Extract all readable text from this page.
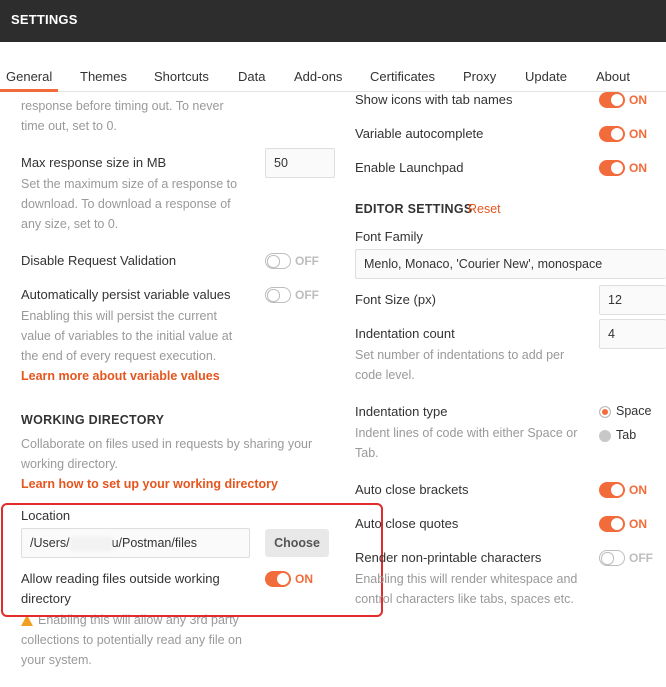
SETTINGS
General Themes Shortcuts Data Add-ons Certificates Proxy Update About
response before timing out. To never
time out, set to 0.
Max response size in MB	50
Set the maximum size of a response to
download. To download a response of
any size, set to 0.
Disable Request Validation	OFF
Automatically persist variable values	OFF
Enabling this will persist the current
value of variables to the initial value at
the end of every request execution.
Learn more about variable values
WORKING DIRECTORY
Collaborate on files used in requests by sharing your
working directory.
Learn how to set up your working directory
Location
/Users/	u/Postman/files	Choose
Allow reading files outside working
directory
ON
Enabling this will allow any 3rd party
collections to potentially read any file on
your system.
Show icons with tab names	ON
Variable autocomplete	ON
Enable Launchpad	ON
EDITOR SETTINGS
Reset
Font Family
Menlo, Monaco, 'Courier New', monospace
Font Size (px)	12
Indentation count	4
Set number of indentations to add per
code level.
Indentation type
Indent lines of code with either Space or
Tab.
Space
Tab
Auto close brackets	ON
Auto close quotes	ON
Render non-printable characters	OFF
Enabling this will render whitespace and
control characters like tabs, spaces etc.
